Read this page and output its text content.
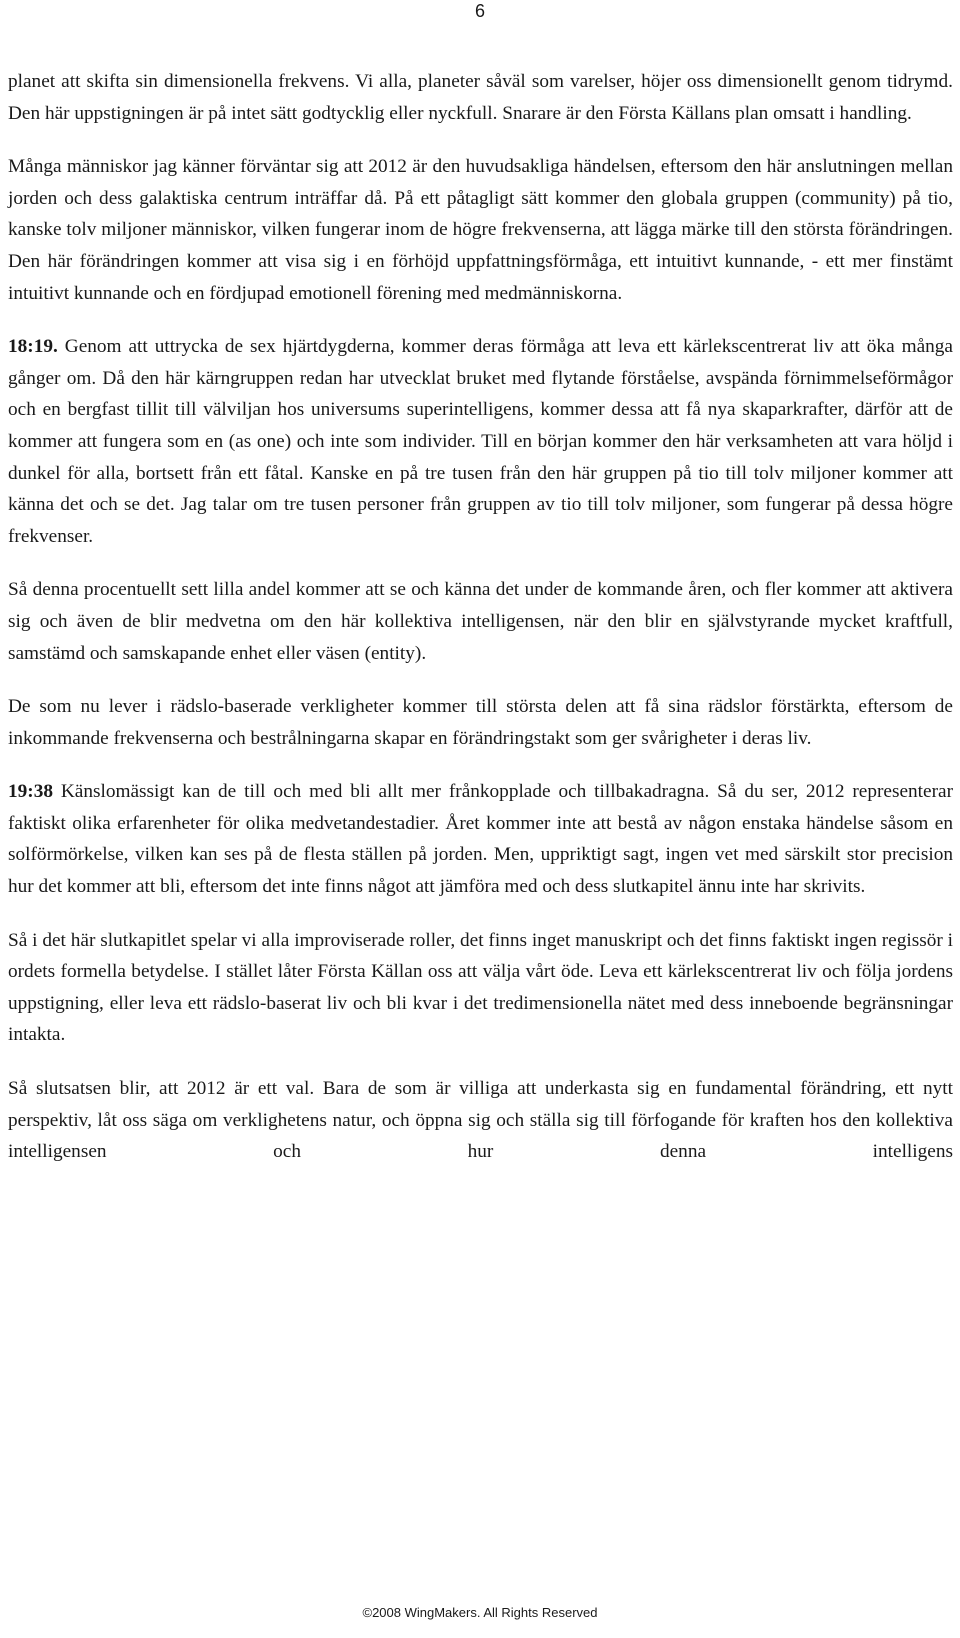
6

planet att skifta sin dimensionella frekvens. Vi alla, planeter såväl som varelser, höjer oss dimensionellt genom tidrymd. Den här uppstigningen är på intet sätt godtycklig eller nyckfull. Snarare är den Första Källans plan omsatt i handling.

Många människor jag känner förväntar sig att 2012 är den huvudsakliga händelsen, eftersom den här anslutningen mellan jorden och dess galaktiska centrum inträffar då. På ett påtagligt sätt kommer den globala gruppen (community) på tio, kanske tolv miljoner människor, vilken fungerar inom de högre frekvenserna, att lägga märke till den största förändringen. Den här förändringen kommer att visa sig i en förhöjd uppfattningsförmåga, ett intuitivt kunnande, - ett mer finstämt intuitivt kunnande och en fördjupad emotionell förening med medmänniskorna.

18:19. Genom att uttrycka de sex hjärtdygderna, kommer deras förmåga att leva ett kärlekscentrerat liv att öka många gånger om. Då den här kärngruppen redan har utvecklat bruket med flytande förståelse, avspända förnimmelseförmågor och en bergfast tillit till välviljan hos universums superintelligens, kommer dessa att få nya skaparkrafter, därför att de kommer att fungera som en (as one) och inte som individer. Till en början kommer den här verksamheten att vara höljd i dunkel för alla, bortsett från ett fåtal. Kanske en på tre tusen från den här gruppen på tio till tolv miljoner kommer att känna det och se det. Jag talar om tre tusen personer från gruppen av tio till tolv miljoner, som fungerar på dessa högre frekvenser.

Så denna procentuellt sett lilla andel kommer att se och känna det under de kommande åren, och fler kommer att aktivera sig och även de blir medvetna om den här kollektiva intelligensen, när den blir en självstyrande mycket kraftfull, samstämd och samskapande enhet eller väsen (entity).

De som nu lever i rädslo-baserade verkligheter kommer till största delen att få sina rädslor förstärkta, eftersom de inkommande frekvenserna och bestrålningarna skapar en förändringstakt som ger svårigheter i deras liv.

19:38 Känslomässigt kan de till och med bli allt mer frånkopplade och tillbakadragna. Så du ser, 2012 representerar faktiskt olika erfarenheter för olika medvetandestadier. Året kommer inte att bestå av någon enstaka händelse såsom en solförmörkelse, vilken kan ses på de flesta ställen på jorden. Men, uppriktigt sagt, ingen vet med särskilt stor precision hur det kommer att bli, eftersom det inte finns något att jämföra med och dess slutkapitel ännu inte har skrivits.

Så i det här slutkapitlet spelar vi alla improviserade roller, det finns inget manuskript och det finns faktiskt ingen regissör i ordets formella betydelse. I stället låter Första Källan oss att välja vårt öde. Leva ett kärlekscentrerat liv och följa jordens uppstigning, eller leva ett rädslo-baserat liv och bli kvar i det tredimensionella nätet med dess inneboende begränsningar intakta.

Så slutsatsen blir, att 2012 är ett val. Bara de som är villiga att underkasta sig en fundamental förändring, ett nytt perspektiv, låt oss säga om verklighetens natur, och öppna sig och ställa sig till förfogande för kraften hos den kollektiva intelligensen och hur denna intelligens

©2008 WingMakers. All Rights Reserved
